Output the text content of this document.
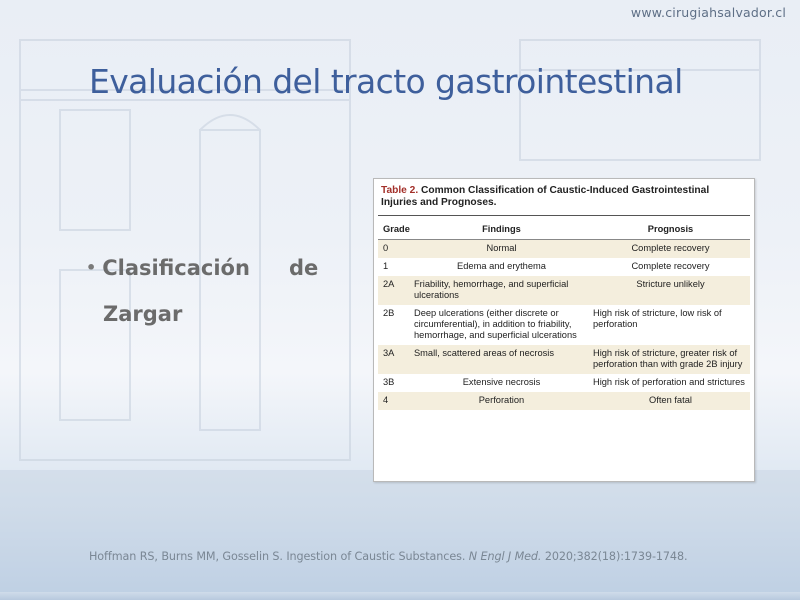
www.cirugiahsalvador.cl
Evaluación del tracto gastrointestinal
• Clasificación de
Zargar
Table 2. Common Classification of Caustic-Induced Gastrointestinal Injuries and Prognoses.
Grade	Findings	Prognosis
0	Normal	Complete recovery
1	Edema and erythema	Complete recovery
2A	Friability, hemorrhage, and superficial ulcerations	Stricture unlikely
2B	Deep ulcerations (either discrete or circumferential), in addition to friability, hemorrhage, and superficial ulcerations	High risk of stricture, low risk of perforation
3A	Small, scattered areas of necrosis	High risk of stricture, greater risk of perforation than with grade 2B injury
3B	Extensive necrosis	High risk of perforation and strictures
4	Perforation	Often fatal
Hoffman RS, Burns MM, Gosselin S. Ingestion of Caustic Substances. N Engl J Med. 2020;382(18):1739-1748.
